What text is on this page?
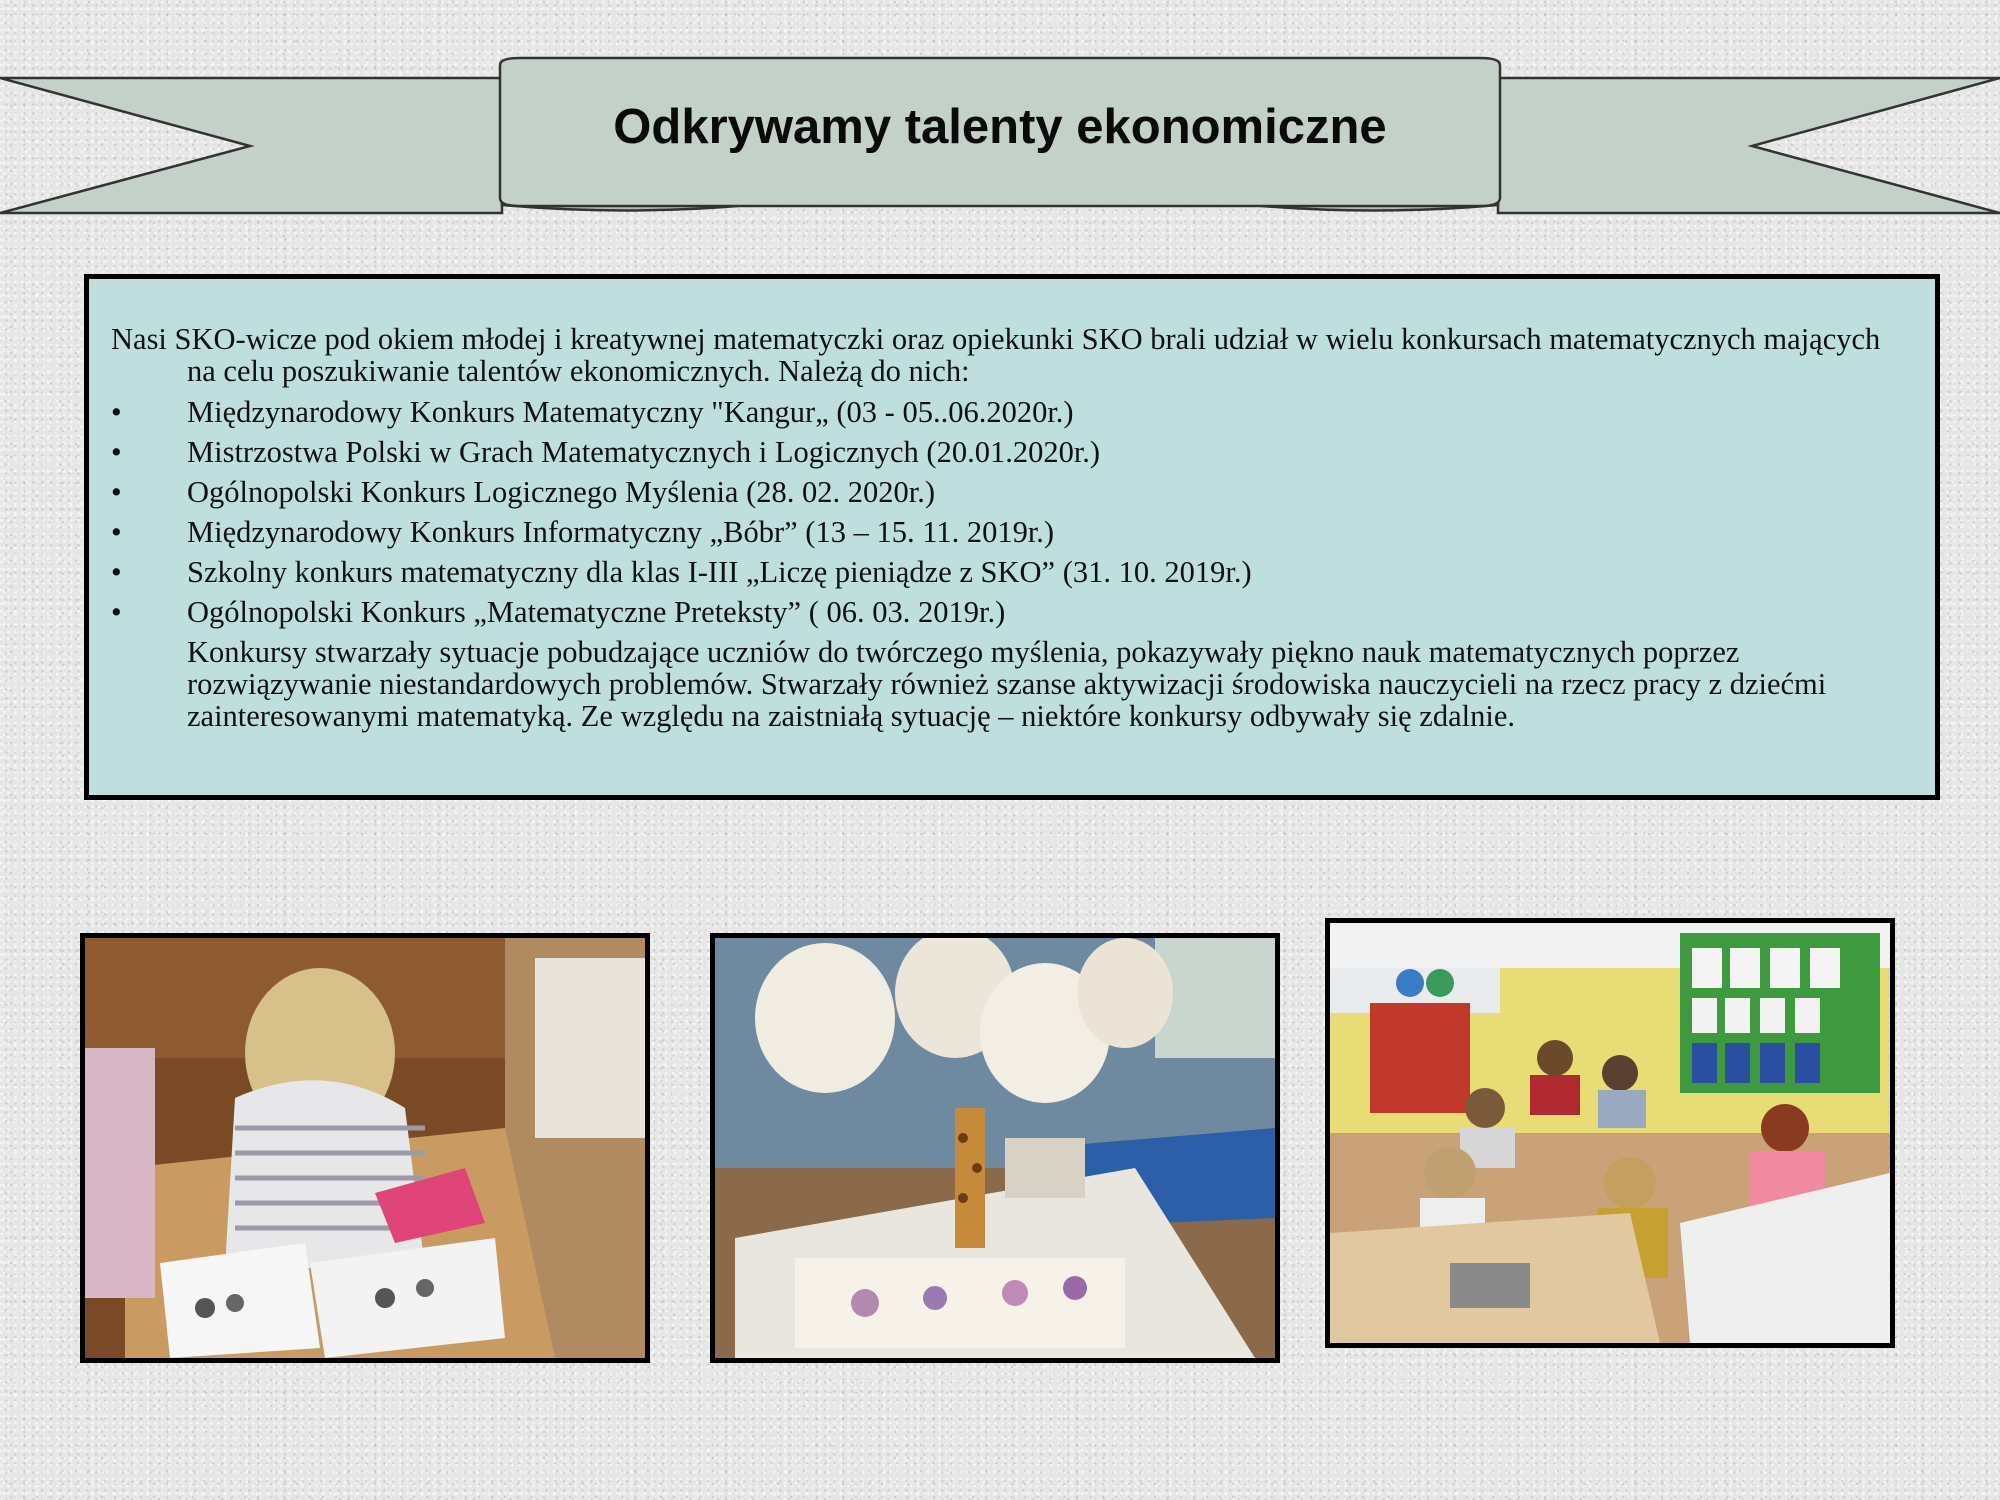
Odkrywamy talenty ekonomiczne

Nasi SKO-wicze pod okiem młodej i kreatywnej matematyczki oraz opiekunki SKO brali udział w wielu konkursach matematycznych mających na celu poszukiwanie talentów ekonomicznych. Należą do nich:

•	Międzynarodowy Konkurs Matematyczny "Kangur„ (03 - 05..06.2020r.)
•	Mistrzostwa Polski w Grach Matematycznych i Logicznych (20.01.2020r.)
•	Ogólnopolski Konkurs Logicznego Myślenia (28. 02. 2020r.)
•	Międzynarodowy Konkurs Informatyczny „Bóbr” (13 – 15. 11. 2019r.)
•	Szkolny konkurs matematyczny dla klas I-III „Liczę pieniądze z SKO” (31. 10. 2019r.)
•	Ogólnopolski Konkurs „Matematyczne Preteksty” ( 06. 03. 2019r.)

Konkursy stwarzały sytuacje pobudzające uczniów do twórczego myślenia, pokazywały piękno nauk matematycznych poprzez rozwiązywanie niestandardowych problemów. Stwarzały również szanse aktywizacji środowiska nauczycieli na rzecz pracy z dziećmi zainteresowanymi matematyką. Ze względu na zaistniałą sytuację – niektóre konkursy odbywały się zdalnie.
